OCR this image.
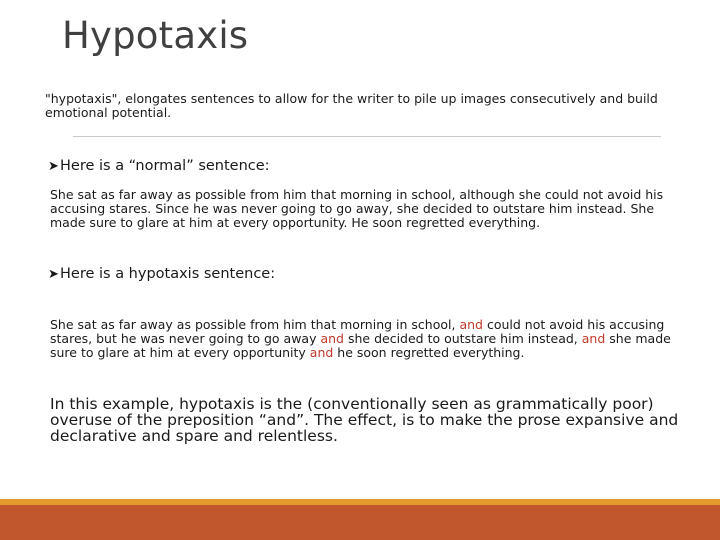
Hypotaxis
"hypotaxis", elongates sentences to allow for the writer to pile up images consecutively and build emotional potential.
➤Here is a “normal” sentence:
She sat as far away as possible from him that morning in school, although she could not avoid his accusing stares. Since he was never going to go away, she decided to outstare him instead. She made sure to glare at him at every opportunity. He soon regretted everything.
➤Here is a hypotaxis sentence:
She sat as far away as possible from him that morning in school, and could not avoid his accusing stares, but he was never going to go away and she decided to outstare him instead, and she made sure to glare at him at every opportunity and he soon regretted everything.
In this example, hypotaxis is the (conventionally seen as grammatically poor) overuse of the preposition “and”. The effect, is to make the prose expansive and declarative and spare and relentless.
